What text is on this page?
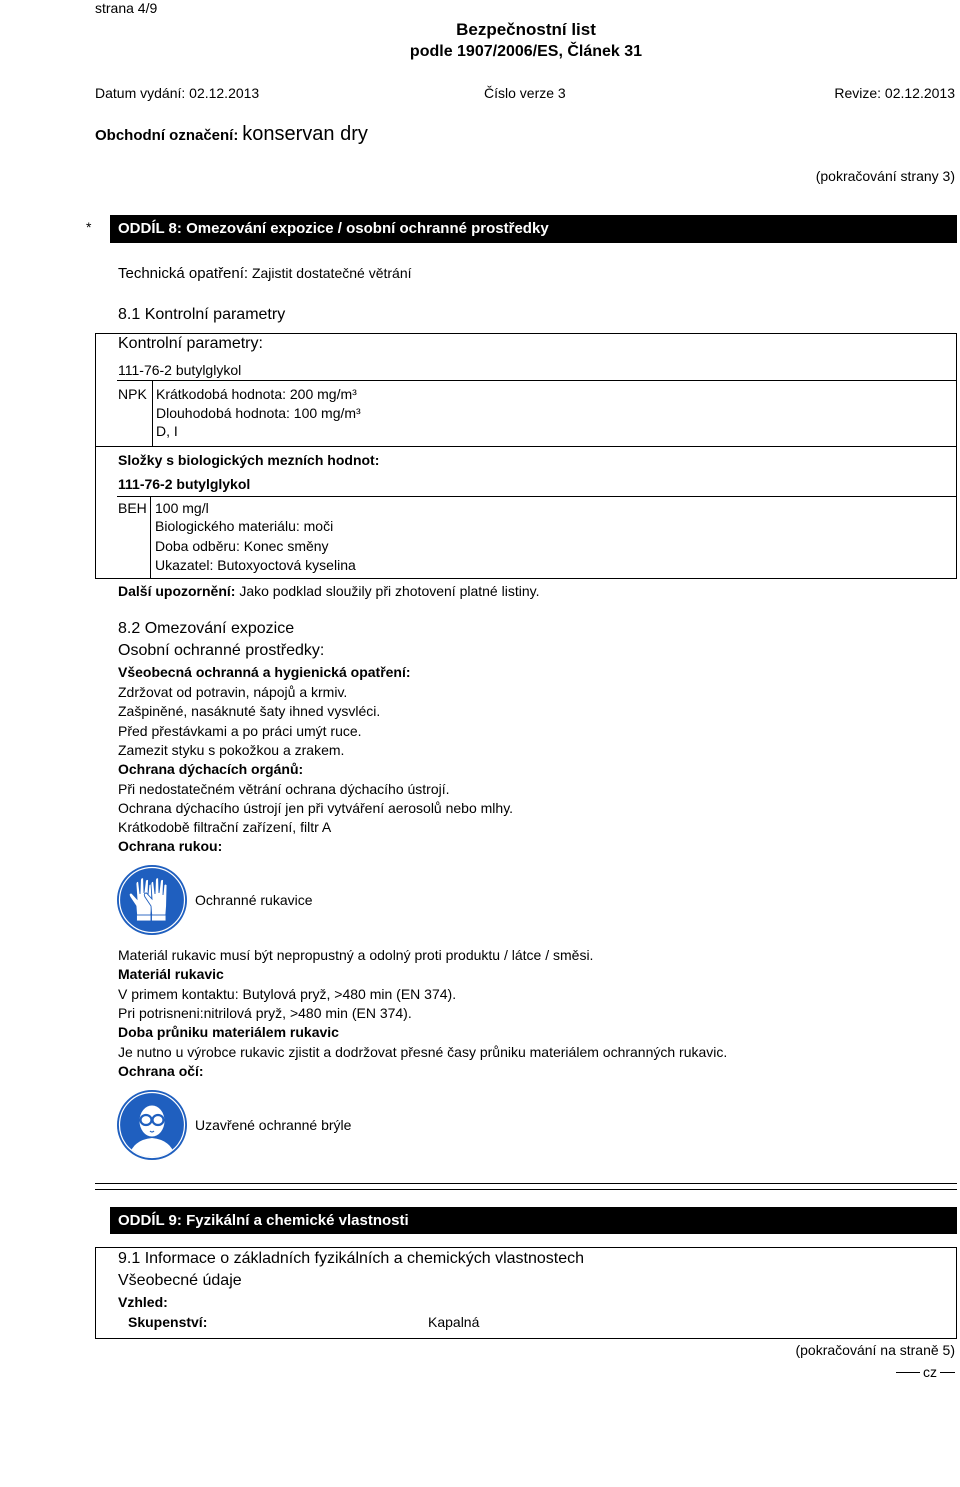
strana 4/9
Bezpečnostní list
podle 1907/2006/ES, Článek 31
Datum vydání: 02.12.2013	Číslo verze 3	Revize: 02.12.2013
Obchodní označení: konservan dry
(pokračování strany 3)
*	ODDÍL 8: Omezování expozice / osobní ochranné prostředky
Technická opatření: Zajistit dostatečné větrání
8.1 Kontrolní parametry
Kontrolní parametry:
111-76-2 butylglykol
NPK Krátkodobá hodnota: 200 mg/m³
Dlouhodobá hodnota: 100 mg/m³
D, I
Složky s biologických mezních hodnot:
111-76-2 butylglykol
BEH 100 mg/l
Biologického materiálu: moči
Doba odběru: Konec směny
Ukazatel: Butoxyoctová kyselina
Další upozornění: Jako podklad sloužily při zhotovení platné listiny.
8.2 Omezování expozice
Osobní ochranné prostředky:
Všeobecná ochranná a hygienická opatření:
Zdržovat od potravin, nápojů a krmiv.
Zašpiněné, nasáknuté šaty ihned vysvléci.
Před přestávkami a po práci umýt ruce.
Zamezit styku s pokožkou a zrakem.
Ochrana dýchacích orgánů:
Při nedostatečném větrání ochrana dýchacího ústrojí.
Ochrana dýchacího ústrojí jen při vytváření aerosolů nebo mlhy.
Krátkodobě filtrační zařízení, filtr A
Ochrana rukou:
Ochranné rukavice
Materiál rukavic musí být nepropustný a odolný proti produktu / látce / směsi.
Materiál rukavic
V primem kontaktu: Butylová pryž, >480 min (EN 374).
Pri potrisneni:nitrilová pryž, >480 min (EN 374).
Doba průniku materiálem rukavic
Je nutno u výrobce rukavic zjistit a dodržovat přesné časy průniku materiálem ochranných rukavic.
Ochrana očí:
Uzavřené ochranné brýle
ODDÍL 9: Fyzikální a chemické vlastnosti
9.1 Informace o základních fyzikálních a chemických vlastnostech
Všeobecné údaje
Vzhled:
Skupenství:	Kapalná
(pokračování na straně 5)
cz
